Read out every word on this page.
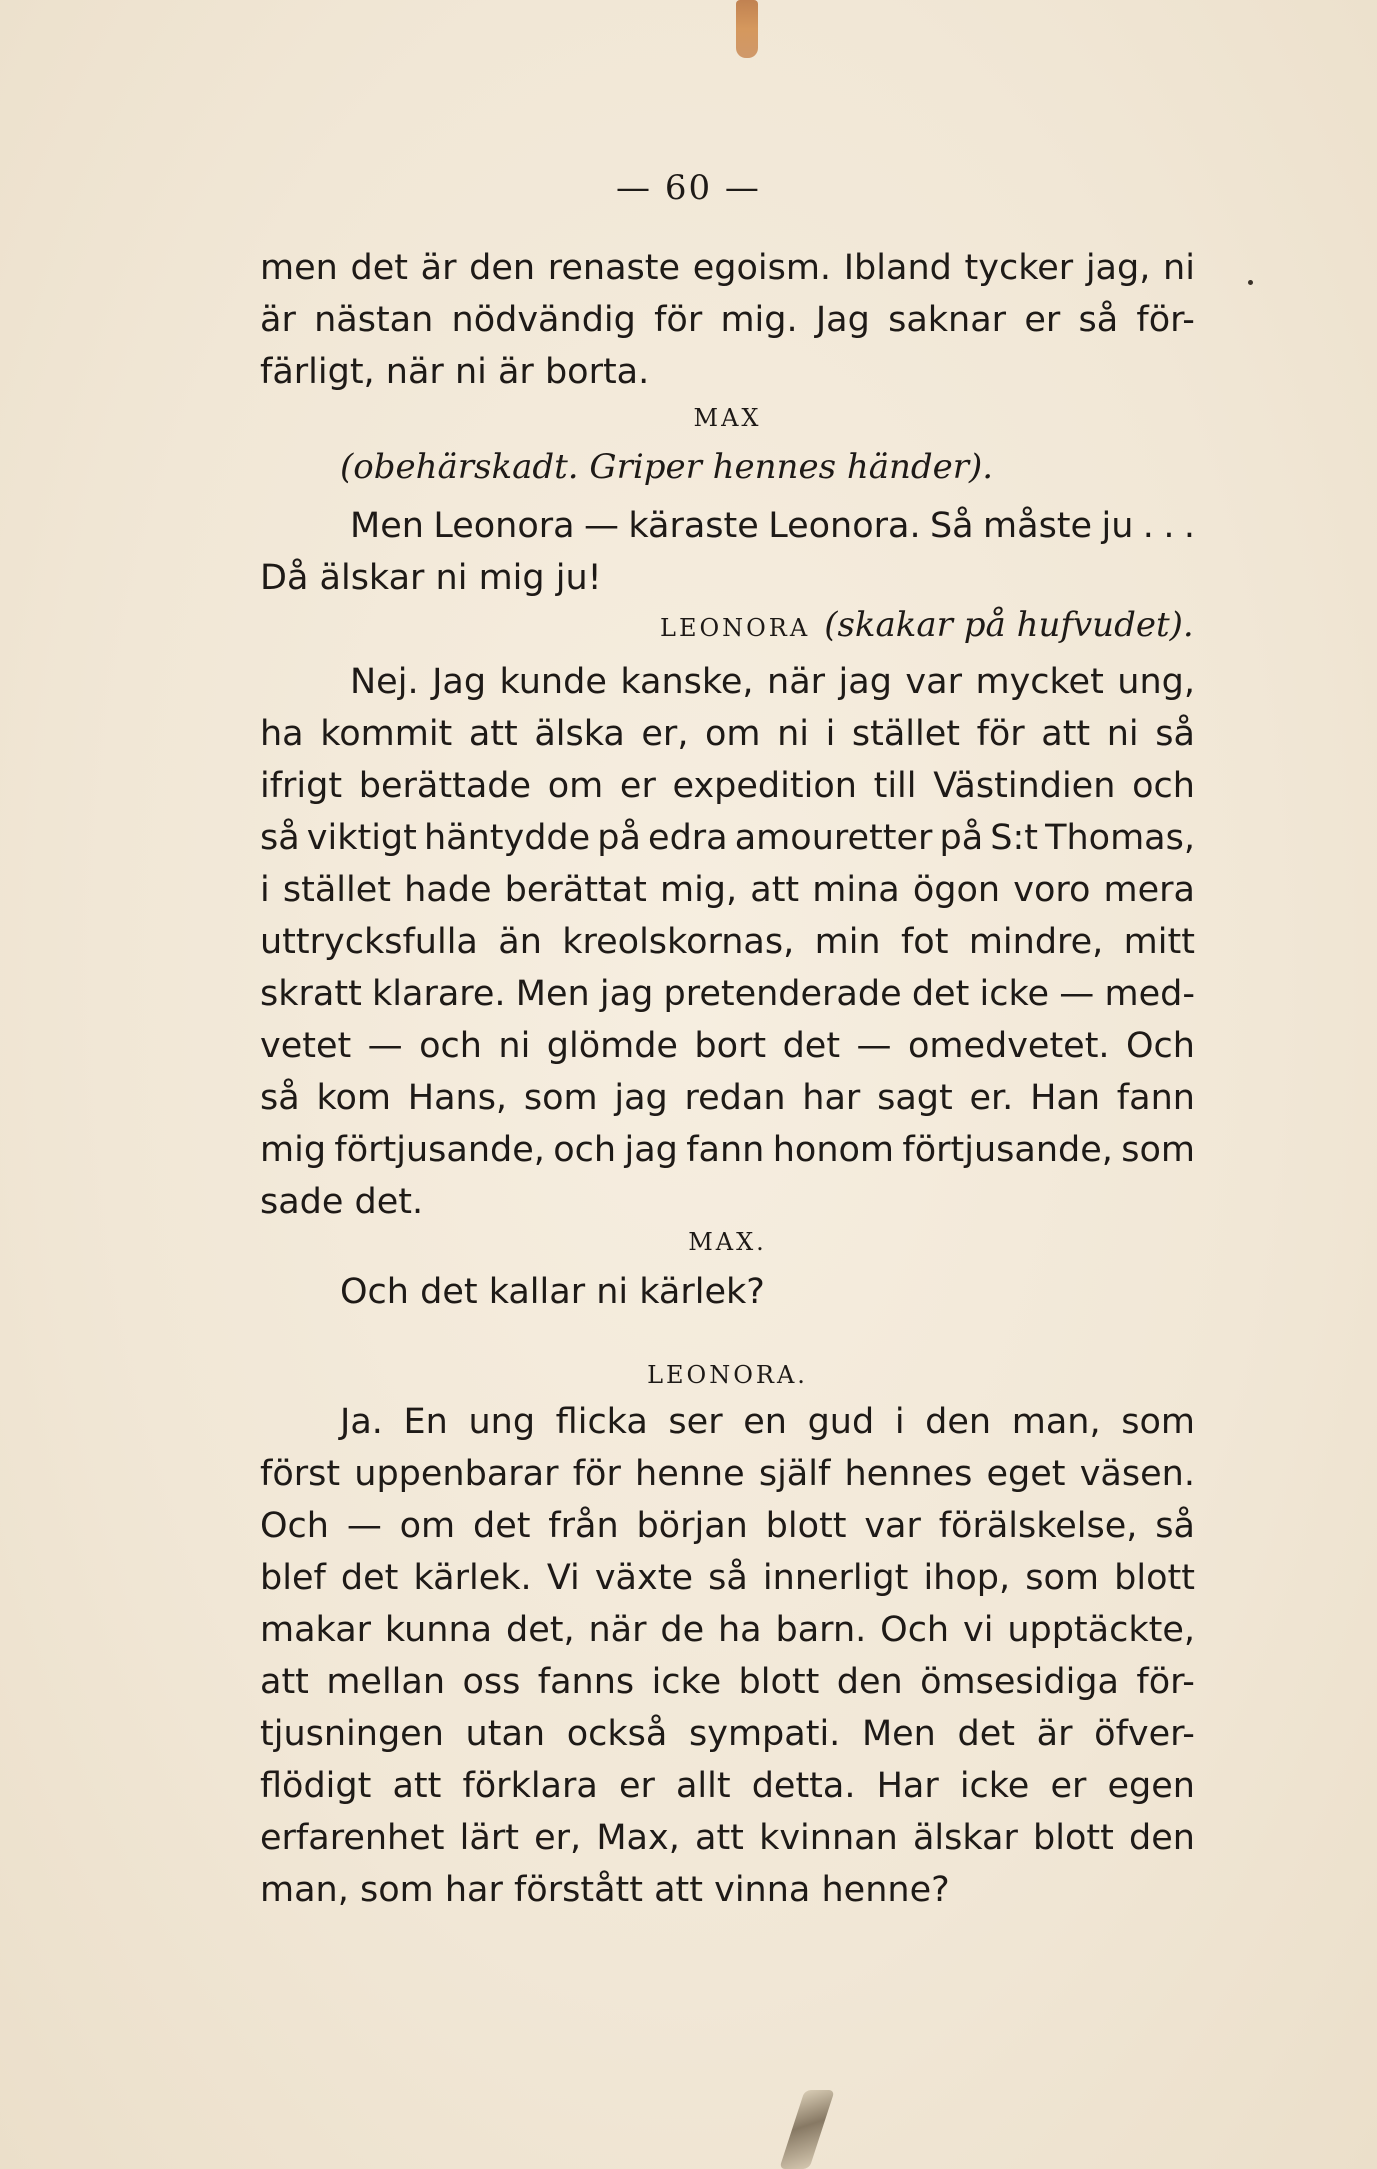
— 60 —
men det är den renaste egoism. Ibland tycker jag, ni
är nästan nödvändig för mig. Jag saknar er så för-
färligt, när ni är borta.
MAX
(obehärskadt. Griper hennes händer).
Men Leonora — käraste Leonora. Så måste ju . . .
Då älskar ni mig ju!
LEONORA (skakar på hufvudet).
Nej. Jag kunde kanske, när jag var mycket ung,
ha kommit att älska er, om ni i stället för att ni så
ifrigt berättade om er expedition till Västindien och
så viktigt häntydde på edra amouretter på S:t Thomas,
i stället hade berättat mig, att mina ögon voro mera
uttrycksfulla än kreolskornas, min fot mindre, mitt
skratt klarare. Men jag pretenderade det icke — med-
vetet — och ni glömde bort det — omedvetet. Och
så kom Hans, som jag redan har sagt er. Han fann
mig förtjusande, och jag fann honom förtjusande, som
sade det.
MAX.
Och det kallar ni kärlek?
LEONORA.
Ja. En ung flicka ser en gud i den man, som
först uppenbarar för henne själf hennes eget väsen.
Och — om det från början blott var förälskelse, så
blef det kärlek. Vi växte så innerligt ihop, som blott
makar kunna det, när de ha barn. Och vi upptäckte,
att mellan oss fanns icke blott den ömsesidiga för-
tjusningen utan också sympati. Men det är öfver-
flödigt att förklara er allt detta. Har icke er egen
erfarenhet lärt er, Max, att kvinnan älskar blott den
man, som har förstått att vinna henne?
